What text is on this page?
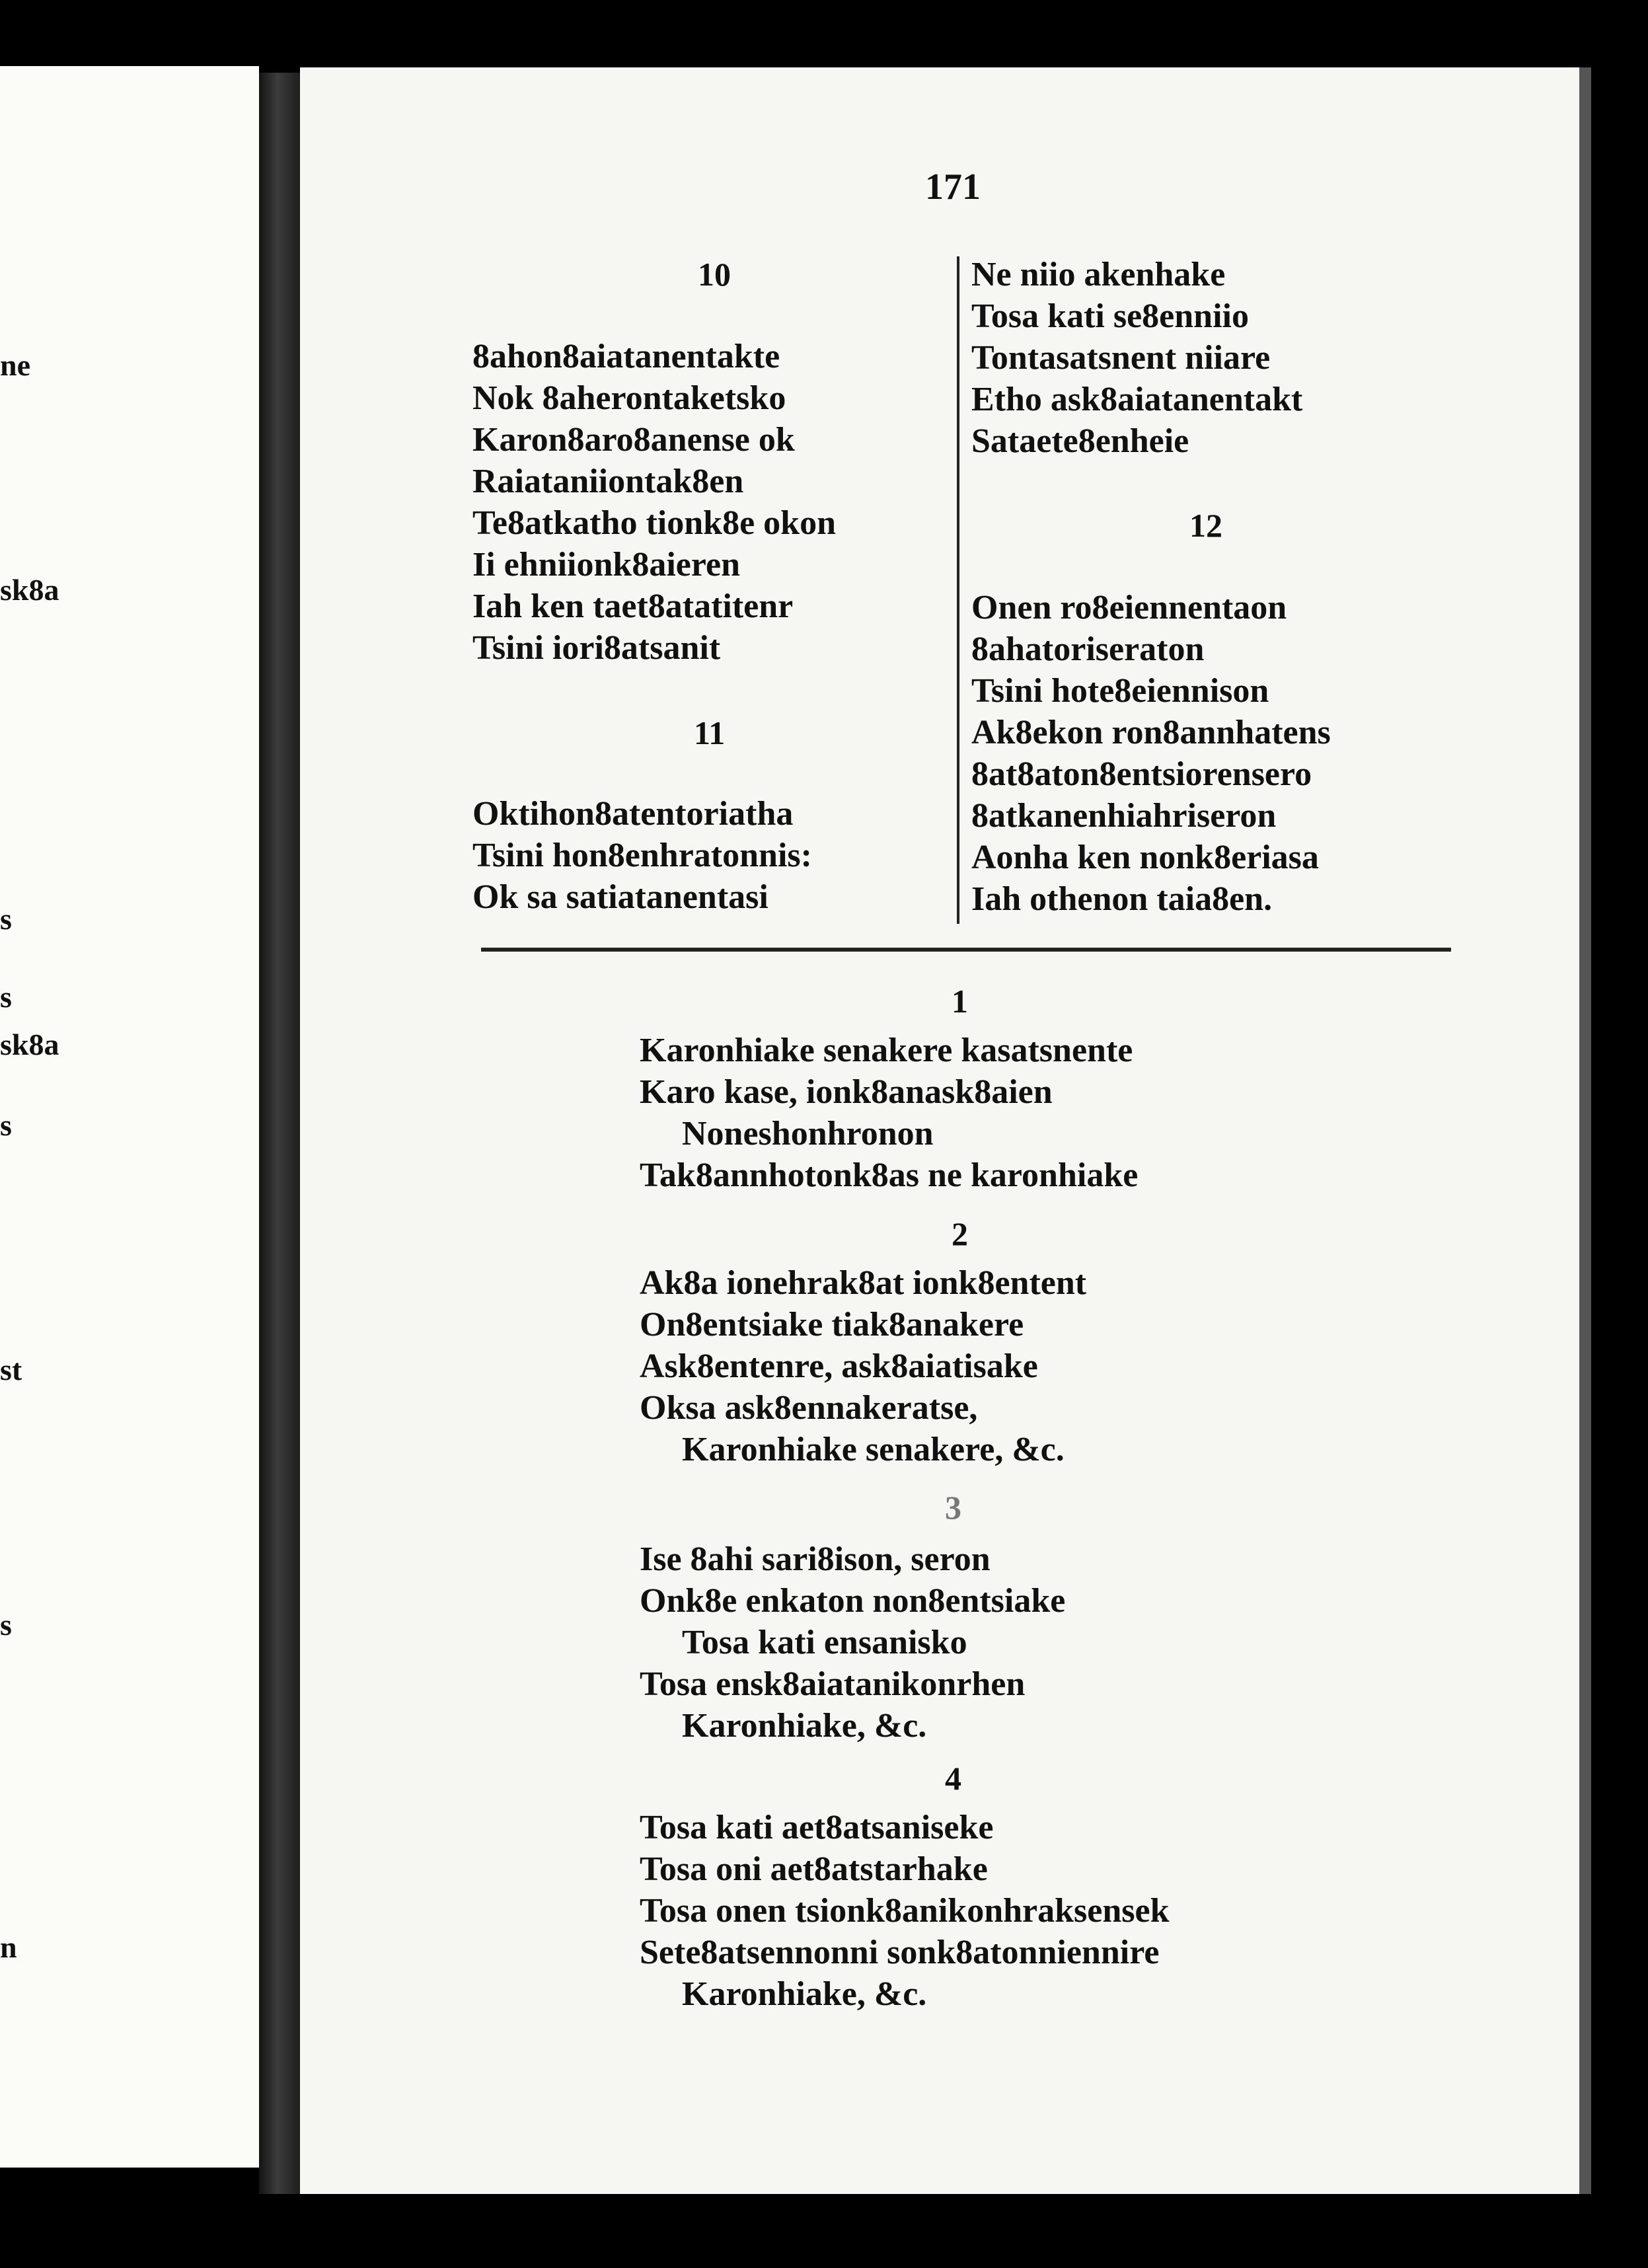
ne
sk8a
s
s
sk8a
s
st
s
n
171
10
8ahon8aiatanentakte
Nok 8aherontaketsko
Karon8aro8anense ok
Raiataniiontak8en
Te8atkatho tionk8e okon
Ii ehniionk8aieren
Iah ken taet8atatitenr
Tsini iori8atsanit
11
Oktihon8atentoriatha
Tsini hon8enhratonnis:
Ok sa satiatanentasi
Ne niio akenhake
Tosa kati se8enniio
Tontasatsnent niiare
Etho ask8aiatanentakt
Sataete8enheie
12
Onen ro8eiennentaon
8ahatoriseraton
Tsini hote8eiennison
Ak8ekon ron8annhatens
8at8aton8entsiorensero
8atkanenhiahriseron
Aonha ken nonk8eriasa
Iah othenon taia8en.
1
Karonhiake senakere kasatsnente
Karo kase, ionk8anask8aien
Noneshonhronon
Tak8annhotonk8as ne karonhiake
2
Ak8a ionehrak8at ionk8entent
On8entsiake tiak8anakere
Ask8entenre, ask8aiatisake
Oksa ask8ennakeratse,
Karonhiake senakere, &c.
3
Ise 8ahi sari8ison, seron
Onk8e enkaton non8entsiake
Tosa kati ensanisko
Tosa ensk8aiatanikonrhen
Karonhiake, &c.
4
Tosa kati aet8atsaniseke
Tosa oni aet8atstarhake
Tosa onen tsionk8anikonhraksensek
Sete8atsennonni sonk8atonniennire
Karonhiake, &c.
